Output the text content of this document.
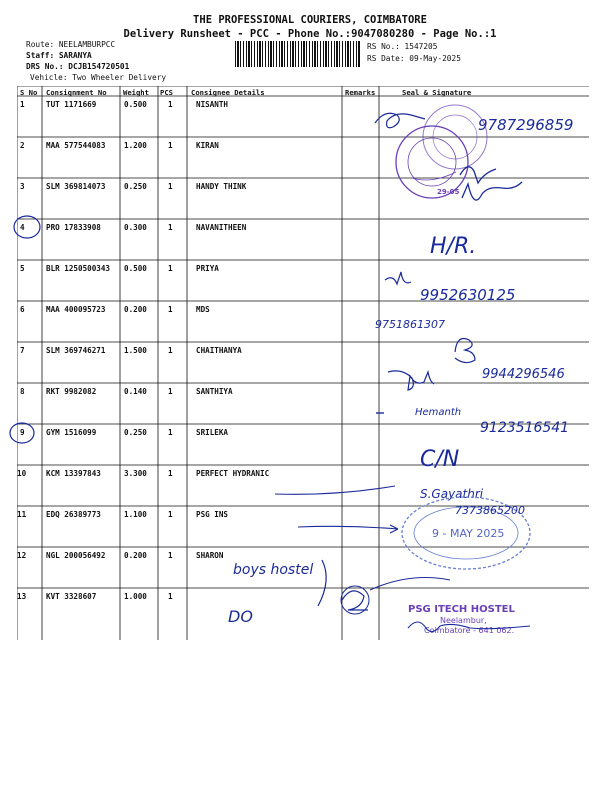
THE PROFESSIONAL COURIERS, COIMBATORE
Delivery Runsheet - PCC - Phone No.:9047080280 - Page No.:1
Route: NEELAMBURPCC
Staff: SARANYA
DRS No.: DCJB154720501
Vehicle: Two Wheeler Delivery
RS No.: 1547205
RS Date: 09-May-2025
S No Consignment No Weight PCS	Consignee Details	Remarks	Seal & Signature
1	TUT 1171669	0.500	1	NISANTH
2	MAA 577544083 1.200	1	KIRAN
3	SLM 369814073 0.250	1	HANDY THINK
4	PRO 17833908	0.300	1	NAVANITHEEN
5	BLR 1250500343 0.500	1	PRIYA
6	MAA 400095723 0.200	1	MDS
7	SLM 369746271 1.500	1	CHAITHANYA
8	RKT 9982082	0.140	1	SANTHIYA
9	GYM 1516099	0.250	1	SRILEKA
10	KCM 13397843	3.300	1	PERFECT HYDRANIC
11	EDQ 26389773	1.100	1	PSG INS
12	NGL 200056492 0.200	1	SHARON
13	KVT 3328607	1.000	1
9787296859
29-05
H/R.
9952630125
9751861307
9944296546
Hemanth
9123516541
C/N
S.Gayathri
9 - MAY 2025
7373865200
boys hostel
DO	PSG ITECH HOSTEL
Neelambur,
Coimbatore - 641 062.
